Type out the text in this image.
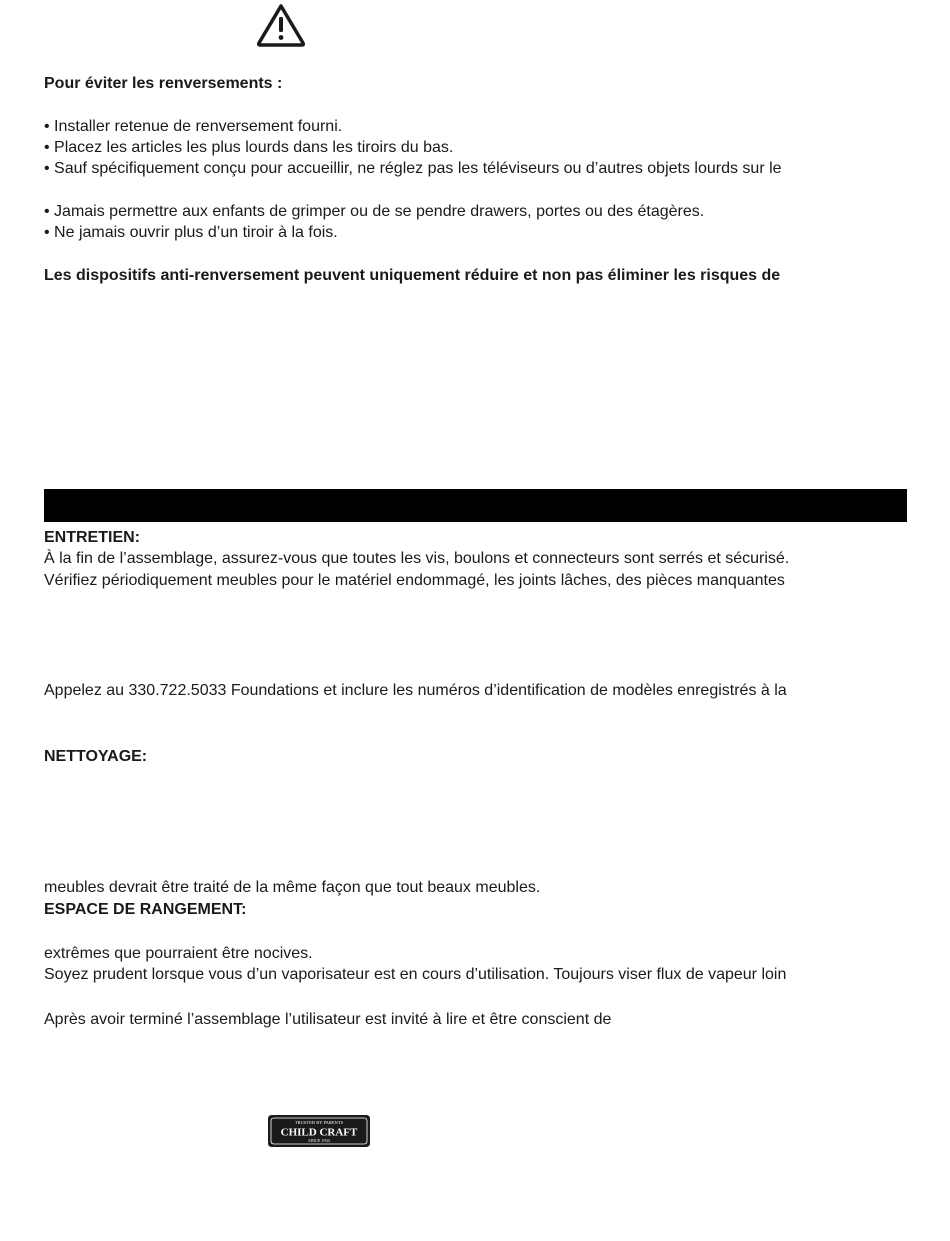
Pour éviter les renversements :
• Installer retenue de renversement fourni.
• Placez les articles les plus lourds dans les tiroirs du bas.
• Sauf spécifiquement conçu pour accueillir, ne réglez pas les téléviseurs ou d’autres objets lourds sur le
• Jamais permettre aux enfants de grimper ou de se pendre drawers, portes ou des étagères.
• Ne jamais ouvrir plus d’un tiroir à la fois.
Les dispositifs anti-renversement peuvent uniquement réduire et non pas éliminer les risques de
ENTRETIEN:
À la fin de l’assemblage, assurez-vous que toutes les vis, boulons et connecteurs sont serrés et sécurisé.
Vérifiez périodiquement meubles pour le matériel endommagé, les joints lâches, des pièces manquantes
Appelez au 330.722.5033 Foundations et inclure les numéros d’identification de modèles enregistrés à la
NETTOYAGE:
meubles devrait être traité de la même façon que tout beaux meubles.
ESPACE DE RANGEMENT:
extrêmes que pourraient être nocives.
Soyez prudent lorsque vous d’un vaporisateur est en cours d’utilisation. Toujours viser flux de vapeur loin
Après avoir terminé l’assemblage l’utilisateur est invité à lire et être conscient de
TRUSTED BY PARENTS
CHILD CRAFT
SINCE 1934
